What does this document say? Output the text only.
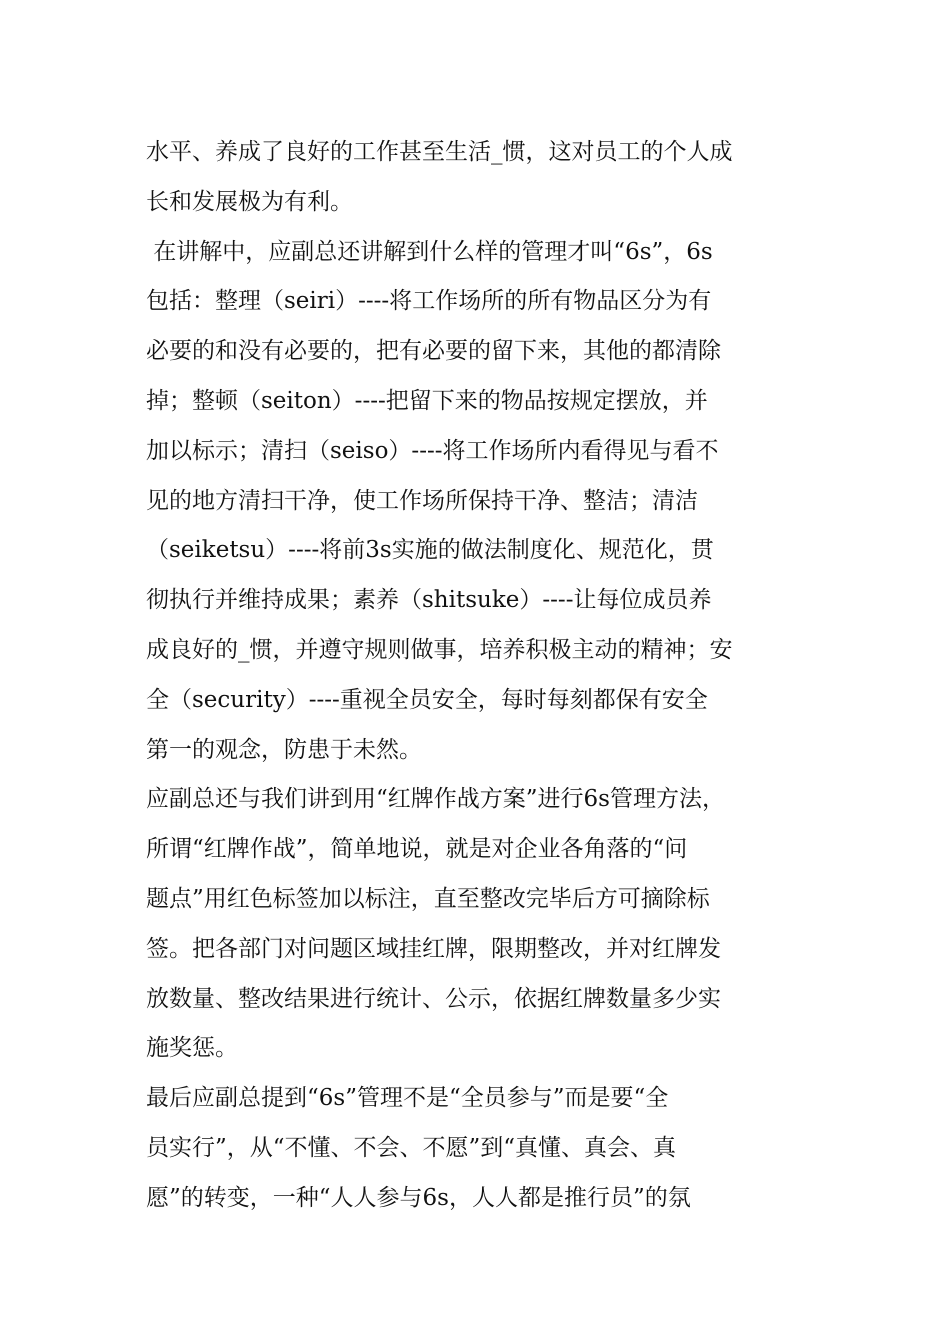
水平、养成了良好的工作甚至生活_惯，这对员工的个人成
长和发展极为有利。
在讲解中，应副总还讲解到什么样的管理才叫“6s”，6s
包括：整理（seiri）----将工作场所的所有物品区分为有
必要的和没有必要的，把有必要的留下来，其他的都清除
掉；整顿（seiton）----把留下来的物品按规定摆放，并
加以标示；清扫（seiso）----将工作场所内看得见与看不
见的地方清扫干净，使工作场所保持干净、整洁；清洁
（seiketsu）----将前3s实施的做法制度化、规范化，贯
彻执行并维持成果；素养（shitsuke）----让每位成员养
成良好的_惯，并遵守规则做事，培养积极主动的精神；安
全（security）----重视全员安全，每时每刻都保有安全
第一的观念，防患于未然。
应副总还与我们讲到用“红牌作战方案”进行6s管理方法，
所谓“红牌作战”，简单地说，就是对企业各角落的“问
题点”用红色标签加以标注，直至整改完毕后方可摘除标
签。把各部门对问题区域挂红牌，限期整改，并对红牌发
放数量、整改结果进行统计、公示，依据红牌数量多少实
施奖惩。
最后应副总提到“6s”管理不是“全员参与”而是要“全
员实行”，从“不懂、不会、不愿”到“真懂、真会、真
愿”的转变，一种“人人参与6s，人人都是推行员”的氛
